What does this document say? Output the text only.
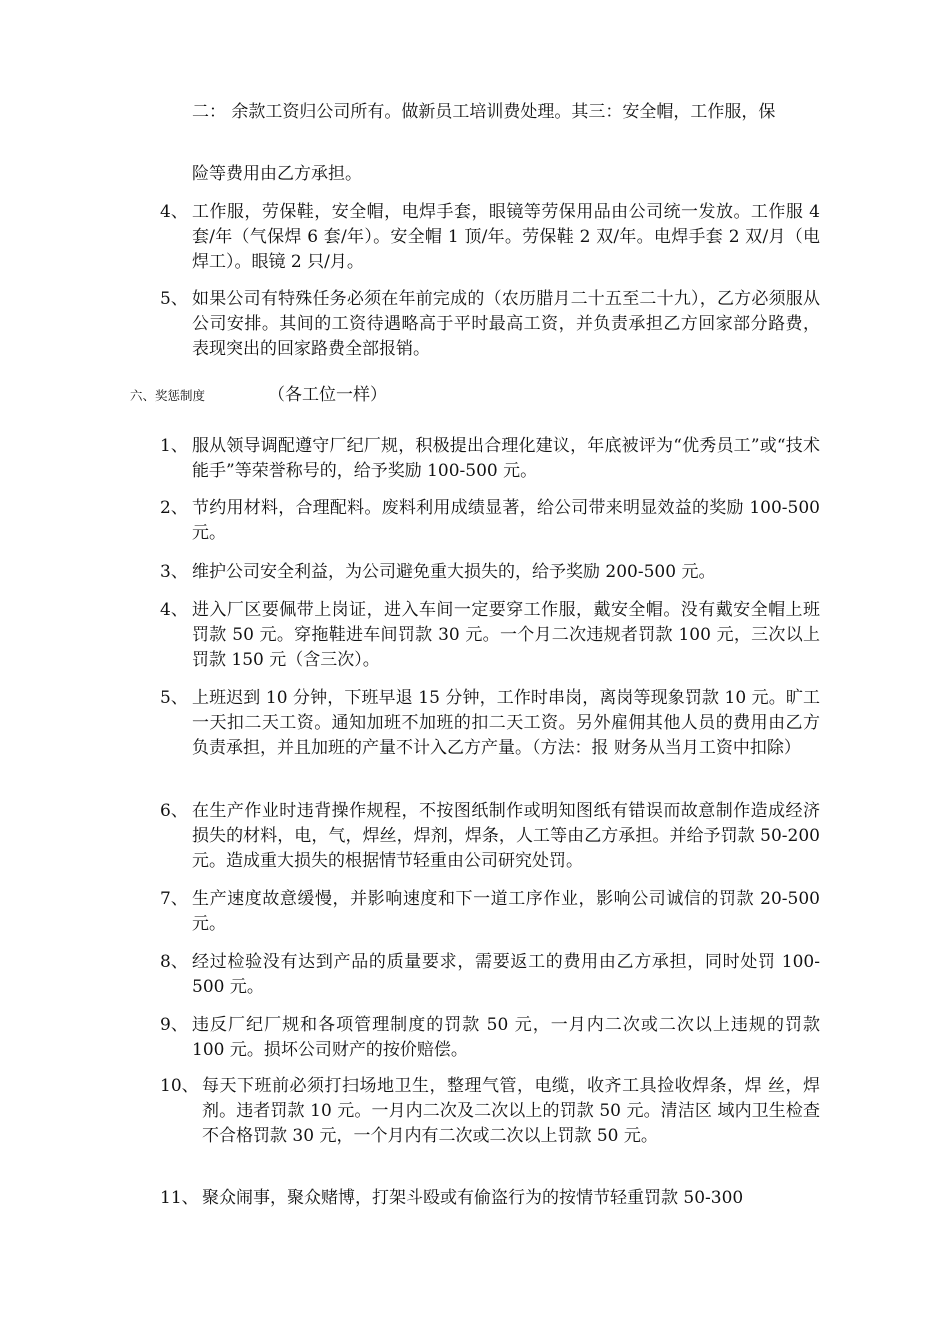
二： 余款工资归公司所有。做新员工培训费处理。其三：安全帽，工作服，保
险等费用由乙方承担。
4、 工作服，劳保鞋，安全帽，电焊手套，眼镜等劳保用品由公司统一发放。工作服 4 套/年（气保焊 6 套/年）。安全帽 1 顶/年。劳保鞋 2 双/年。电焊手套 2 双/月（电焊工）。眼镜 2 只/月。
5、 如果公司有特殊任务必须在年前完成的（农历腊月二十五至二十九），乙方必须服从公司安排。其间的工资待遇略高于平时最高工资，并负责承担乙方回家部分路费，表现突出的回家路费全部报销。
六、奖惩制度	（各工位一样）
1、 服从领导调配遵守厂纪厂规，积极提出合理化建议，年底被评为“优秀员工”或“技术能手”等荣誉称号的，给予奖励 100-500 元。
2、 节约用材料，合理配料。废料利用成绩显著，给公司带来明显效益的奖励 100-500 元。
3、 维护公司安全利益，为公司避免重大损失的，给予奖励 200-500 元。
4、 进入厂区要佩带上岗证，进入车间一定要穿工作服，戴安全帽。没有戴安全帽上班罚款 50 元。穿拖鞋进车间罚款 30 元。一个月二次违规者罚款 100 元，三次以上罚款 150 元（含三次）。
5、 上班迟到 10 分钟，下班早退 15 分钟，工作时串岗，离岗等现象罚款 10 元。旷工一天扣二天工资。通知加班不加班的扣二天工资。另外雇佣其他人员的费用由乙方负责承担，并且加班的产量不计入乙方产量。（方法：报 财务从当月工资中扣除）
6、 在生产作业时违背操作规程，不按图纸制作或明知图纸有错误而故意制作造成经济损失的材料，电，气，焊丝，焊剂，焊条，人工等由乙方承担。并给予罚款 50-200 元。造成重大损失的根据情节轻重由公司研究处罚。
7、 生产速度故意缓慢，并影响速度和下一道工序作业，影响公司诚信的罚款 20-500 元。
8、 经过检验没有达到产品的质量要求，需要返工的费用由乙方承担，同时处罚 100-500 元。
9、 违反厂纪厂规和各项管理制度的罚款 50 元，一月内二次或二次以上违规的罚款 100 元。损坏公司财产的按价赔偿。
10、 每天下班前必须打扫场地卫生，整理气管，电缆，收齐工具捡收焊条，焊 丝，焊剂。违者罚款 10 元。一月内二次及二次以上的罚款 50 元。清洁区 域内卫生检查不合格罚款 30 元，一个月内有二次或二次以上罚款 50 元。
11、 聚众闹事，聚众赌博，打架斗殴或有偷盗行为的按情节轻重罚款 50-300
